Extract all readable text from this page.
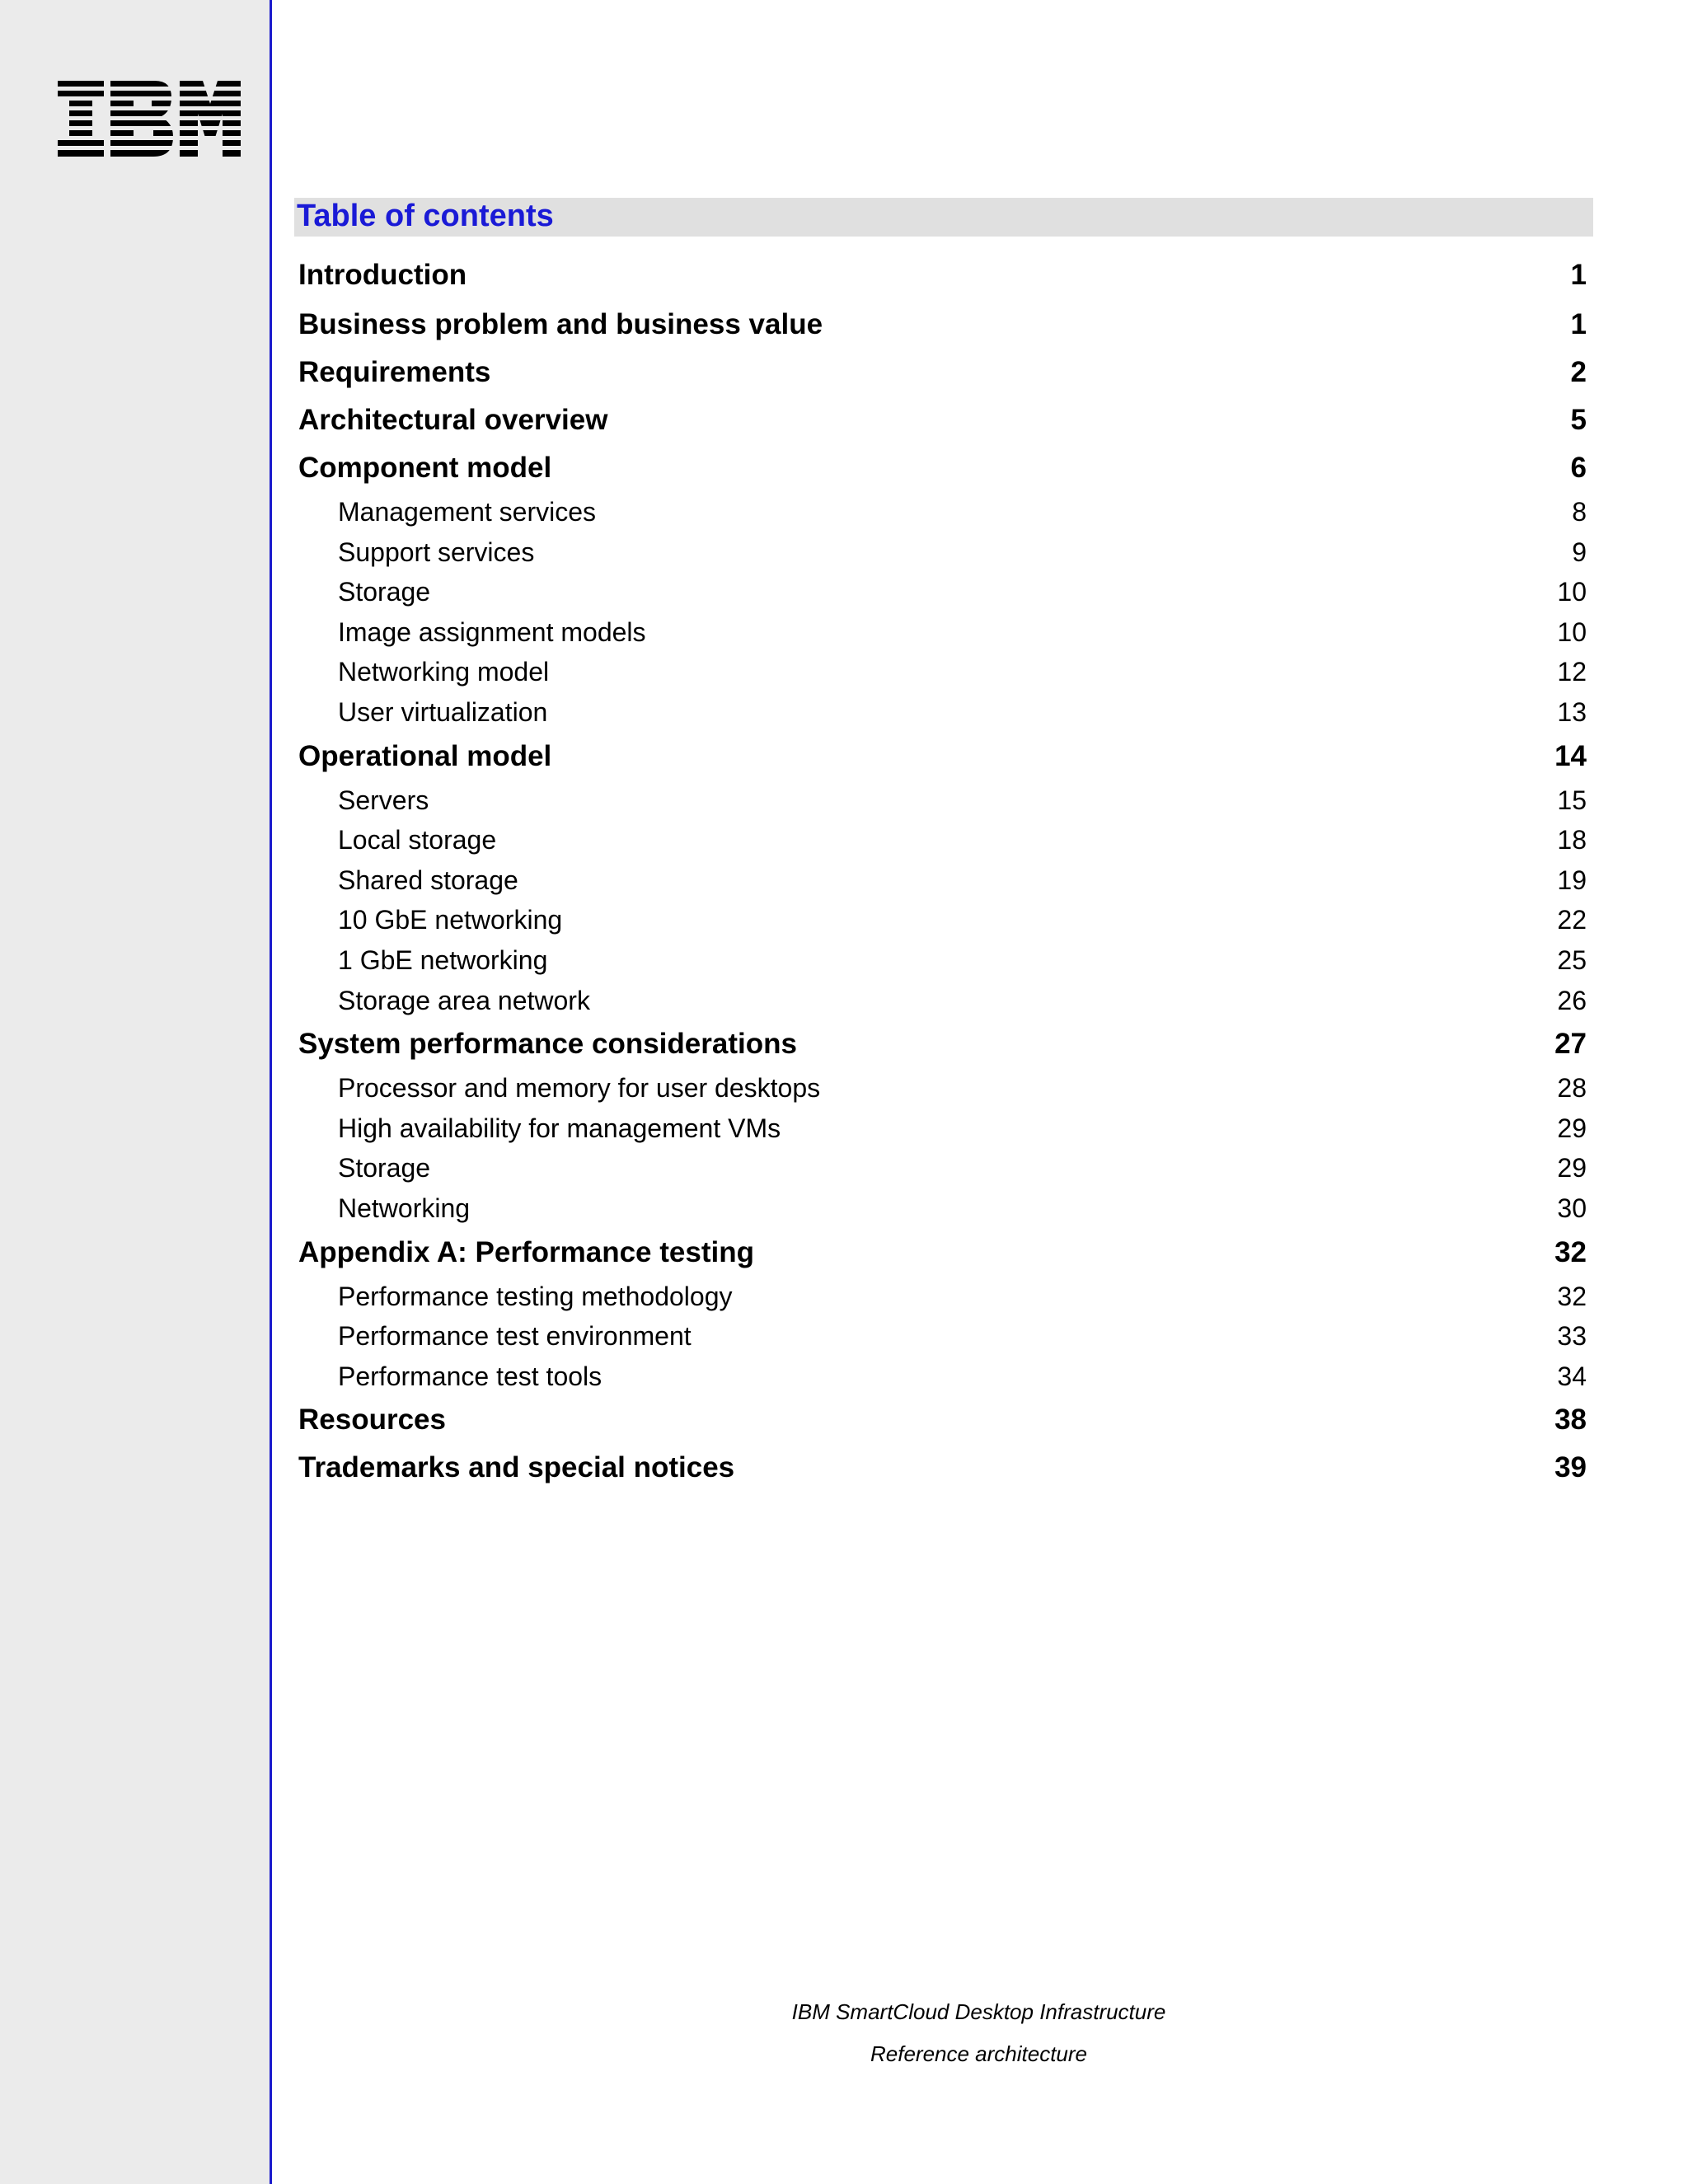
Table of contents
Introduction	1
Business problem and business value	1
Requirements	2
Architectural overview	5
Component model	6
Management services	8
Support services	9
Storage	10
Image assignment models	10
Networking model	12
User virtualization	13
Operational model	14
Servers	15
Local storage	18
Shared storage	19
10 GbE networking	22
1 GbE networking	25
Storage area network	26
System performance considerations	27
Processor and memory for user desktops	28
High availability for management VMs	29
Storage	29
Networking	30
Appendix A: Performance testing	32
Performance testing methodology	32
Performance test environment	33
Performance test tools	34
Resources	38
Trademarks and special notices	39
IBM SmartCloud Desktop Infrastructure
Reference architecture
